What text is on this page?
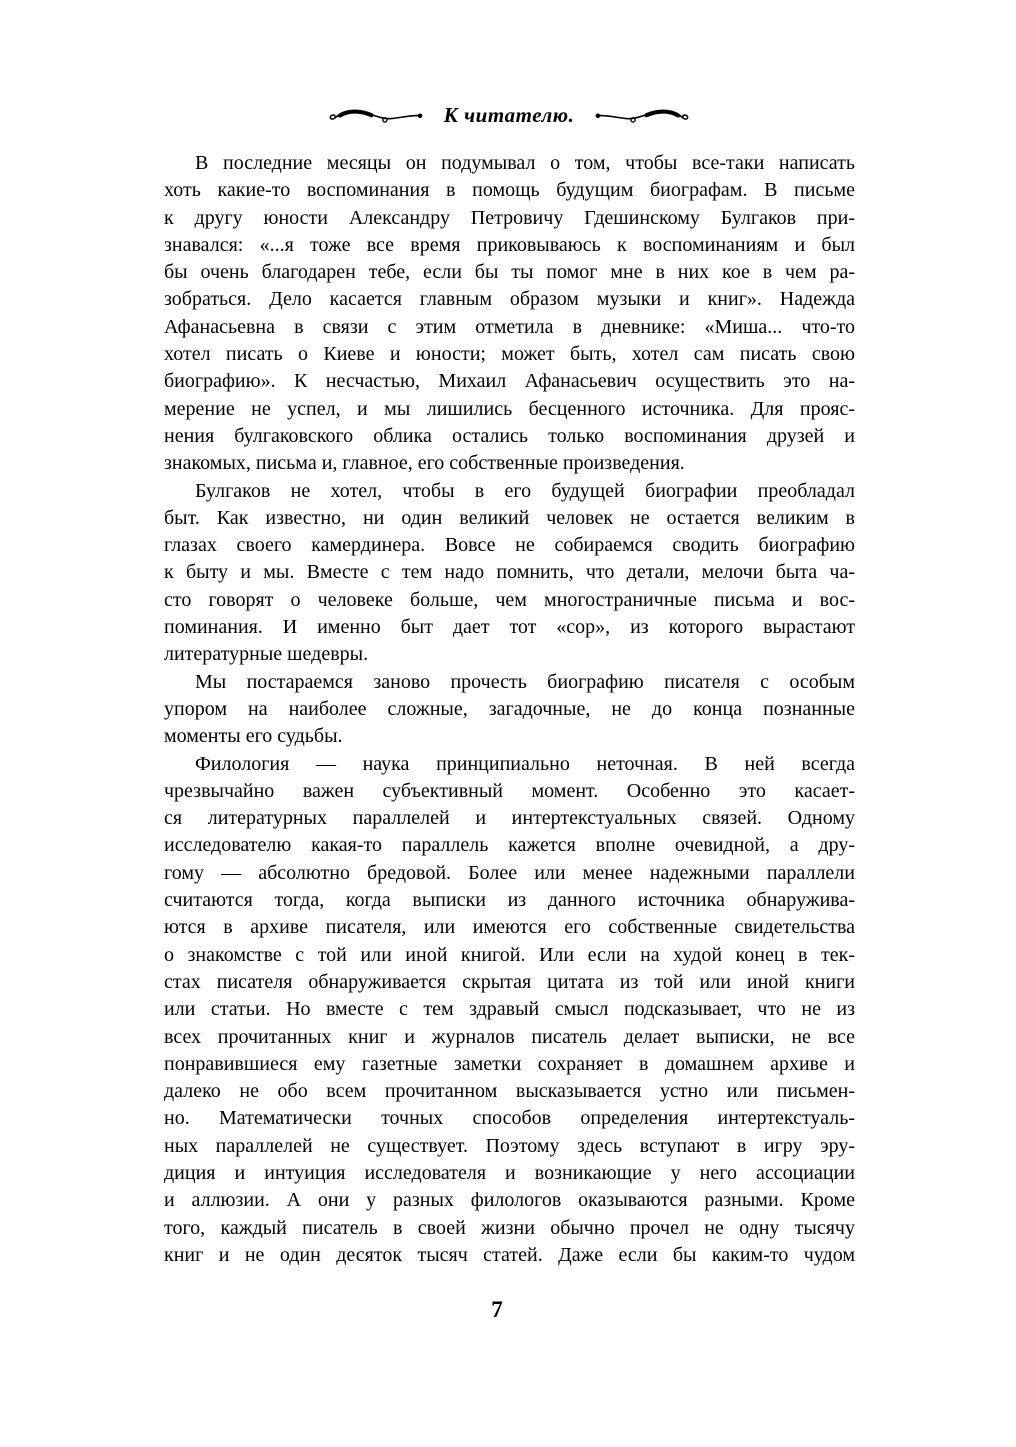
К читателю.
В последние месяцы он подумывал о том, чтобы все-таки написать
хоть какие-то воспоминания в помощь будущим биографам. В письме
к другу юности Александру Петровичу Гдешинскому Булгаков при-
знавался: «...я тоже все время приковываюсь к воспоминаниям и был
бы очень благодарен тебе, если бы ты помог мне в них кое в чем ра-
зобраться. Дело касается главным образом музыки и книг». Надежда
Афанасьевна в связи с этим отметила в дневнике: «Миша... что-то
хотел писать о Киеве и юности; может быть, хотел сам писать свою
биографию». К несчастью, Михаил Афанасьевич осуществить это на-
мерение не успел, и мы лишились бесценного источника. Для прояс-
нения булгаковского облика остались только воспоминания друзей и
знакомых, письма и, главное, его собственные произведения.
Булгаков не хотел, чтобы в его будущей биографии преобладал
быт. Как известно, ни один великий человек не остается великим в
глазах своего камердинера. Вовсе не собираемся сводить биографию
к быту и мы. Вместе с тем надо помнить, что детали, мелочи быта ча-
сто говорят о человеке больше, чем многостраничные письма и вос-
поминания. И именно быт дает тот «сор», из которого вырастают
литературные шедевры.
Мы постараемся заново прочесть биографию писателя с особым
упором на наиболее сложные, загадочные, не до конца познанные
моменты его судьбы.
Филология — наука принципиально неточная. В ней всегда
чрезвычайно важен субъективный момент. Особенно это касает-
ся литературных параллелей и интертекстуальных связей. Одному
исследователю какая-то параллель кажется вполне очевидной, а дру-
гому — абсолютно бредовой. Более или менее надежными параллели
считаются тогда, когда выписки из данного источника обнаружива-
ются в архиве писателя, или имеются его собственные свидетельства
о знакомстве с той или иной книгой. Или если на худой конец в тек-
стах писателя обнаруживается скрытая цитата из той или иной книги
или статьи. Но вместе с тем здравый смысл подсказывает, что не из
всех прочитанных книг и журналов писатель делает выписки, не все
понравившиеся ему газетные заметки сохраняет в домашнем архиве и
далеко не обо всем прочитанном высказывается устно или письмен-
но. Математически точных способов определения интертекстуаль-
ных параллелей не существует. Поэтому здесь вступают в игру эру-
диция и интуиция исследователя и возникающие у него ассоциации
и аллюзии. А они у разных филологов оказываются разными. Кроме
того, каждый писатель в своей жизни обычно прочел не одну тысячу
книг и не один десяток тысяч статей. Даже если бы каким-то чудом
7
